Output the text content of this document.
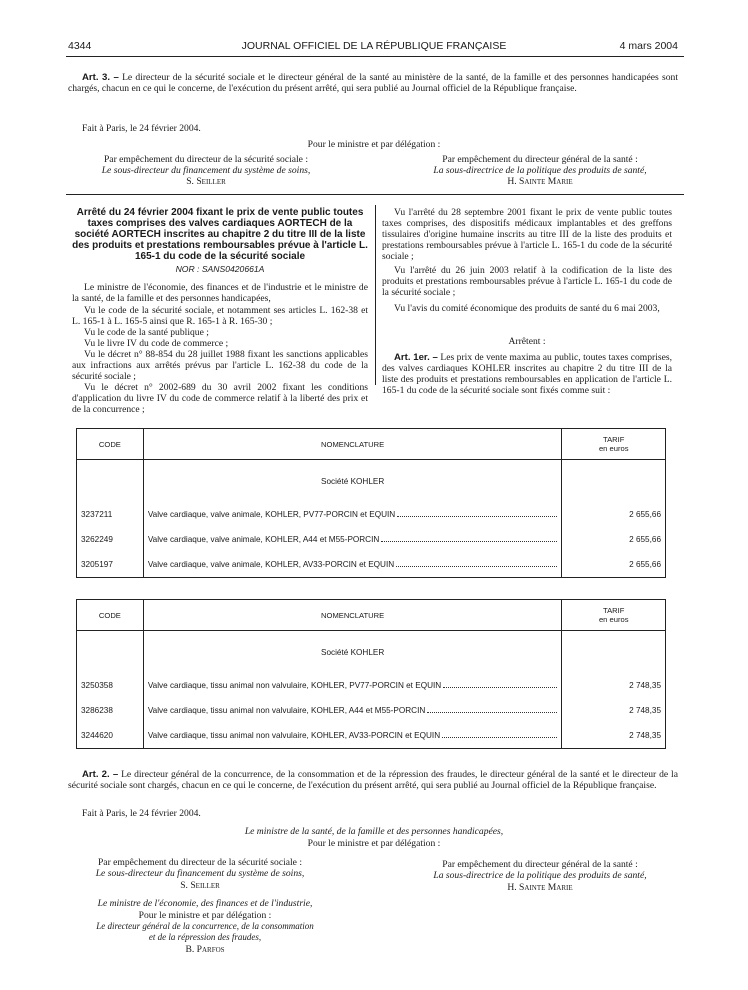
4344	JOURNAL OFFICIEL DE LA RÉPUBLIQUE FRANÇAISE	4 mars 2004

Art. 3. – Le directeur de la sécurité sociale et le directeur général de la santé au ministère de la santé, de la famille et des personnes handicapées sont chargés, chacun en ce qui le concerne, de l'exécution du présent arrêté, qui sera publié au Journal officiel de la République française.

Fait à Paris, le 24 février 2004.
Pour le ministre et par délégation :
Par empêchement du directeur de la sécurité sociale :
Le sous-directeur du financement du système de soins,
S. Seiller
Par empêchement du directeur général de la santé :
La sous-directrice de la politique des produits de santé,
H. Sainte Marie
Arrêté du 24 février 2004 fixant le prix de vente public toutes taxes comprises des valves cardiaques AORTECH de la société AORTECH inscrites au chapitre 2 du titre III de la liste des produits et prestations remboursables prévue à l'article L. 165-1 du code de la sécurité sociale
NOR : SANS0420661A

Le ministre de l'économie, des finances et de l'industrie et le ministre de la santé, de la famille et des personnes handicapées,

Vu le code de la sécurité sociale, et notamment ses articles L. 162-38 et L. 165-1 à L. 165-5 ainsi que R. 165-1 à R. 165-30 ;

Vu le code de la santé publique ;

Vu le livre IV du code de commerce ;

Vu le décret n° 88-854 du 28 juillet 1988 fixant les sanctions applicables aux infractions aux arrêtés prévus par l'article L. 162-38 du code de la sécurité sociale ;

Vu le décret n° 2002-689 du 30 avril 2002 fixant les conditions d'application du livre IV du code de commerce relatif à la liberté des prix et de la concurrence ;

Vu l'arrêté du 28 septembre 2001 fixant le prix de vente public toutes taxes comprises, des dispositifs médicaux implantables et des greffons tissulaires d'origine humaine inscrits au titre III de la liste des produits et prestations remboursables prévue à l'article L. 165-1 du code de la sécurité sociale ;

Vu l'arrêté du 26 juin 2003 relatif à la codification de la liste des produits et prestations remboursables prévue à l'article L. 165-1 du code de la sécurité sociale ;

Vu l'avis du comité économique des produits de santé du 6 mai 2003,

Arrêtent :

Art. 1er. – Les prix de vente maxima au public, toutes taxes comprises, des valves cardiaques KOHLER inscrites au chapitre 2 du titre III de la liste des produits et prestations remboursables en application de l'article L. 165-1 du code de la sécurité sociale sont fixés comme suit :

CODE	NOMENCLATURE	TARIF
en euros
	Société KOHLER	
3237211	Valve cardiaque, valve animale, KOHLER, PV77-PORCIN et EQUIN	2 655,66
3262249	Valve cardiaque, valve animale, KOHLER, A44 et M55-PORCIN	2 655,66
3205197	Valve cardiaque, valve animale, KOHLER, AV33-PORCIN et EQUIN	2 655,66
CODE	NOMENCLATURE	TARIF
en euros
	Société KOHLER	
3250358	Valve cardiaque, tissu animal non valvulaire, KOHLER, PV77-PORCIN et EQUIN	2 748,35
3286238	Valve cardiaque, tissu animal non valvulaire, KOHLER, A44 et M55-PORCIN	2 748,35
3244620	Valve cardiaque, tissu animal non valvulaire, KOHLER, AV33-PORCIN et EQUIN	2 748,35

Art. 2. – Le directeur général de la concurrence, de la consommation et de la répression des fraudes, le directeur général de la santé et le directeur de la sécurité sociale sont chargés, chacun en ce qui le concerne, de l'exécution du présent arrêté, qui sera publié au Journal officiel de la République française.

Fait à Paris, le 24 février 2004.
Le ministre de la santé, de la famille et des personnes handicapées,
Pour le ministre et par délégation :
Par empêchement du directeur de la sécurité sociale :
Le sous-directeur du financement du système de soins,
S. Seiller
Par empêchement du directeur général de la santé :
La sous-directrice de la politique des produits de santé,
H. Sainte Marie
Le ministre de l'économie, des finances et de l'industrie,
Pour le ministre et par délégation :
Le directeur général de la concurrence, de la consommation
et de la répression des fraudes,
B. Parfos
